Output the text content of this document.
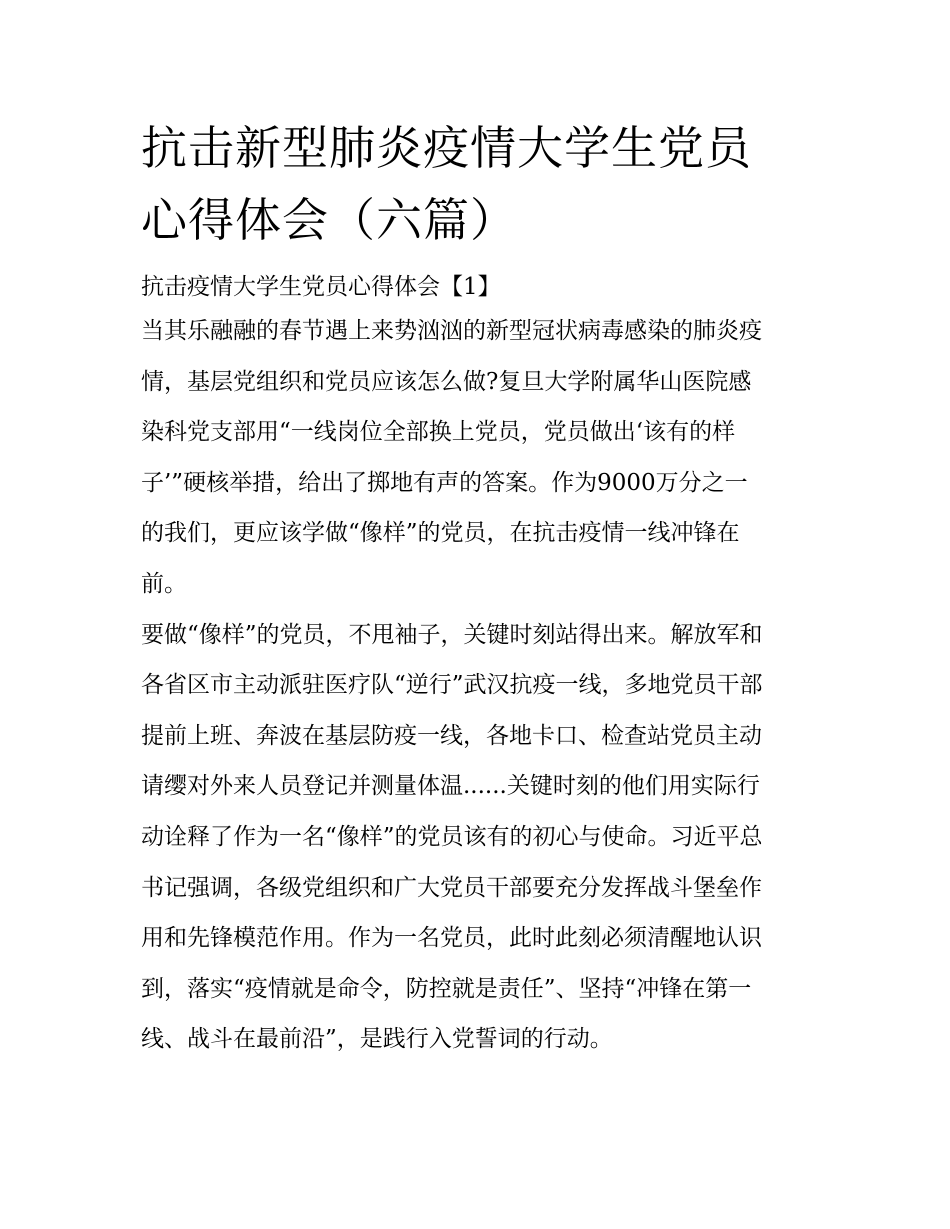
抗击新型肺炎疫情大学生党员
心得体会（六篇）
抗击疫情大学生党员心得体会【1】

当其乐融融的春节遇上来势汹汹的新型冠状病毒感染的肺炎疫
情，基层党组织和党员应该怎么做?复旦大学附属华山医院感
染科党支部用“一线岗位全部换上党员，党员做出‘该有的样
子’”硬核举措，给出了掷地有声的答案。作为9000万分之一
的我们，更应该学做“像样”的党员，在抗击疫情一线冲锋在
前。

要做“像样”的党员，不甩袖子，关键时刻站得出来。解放军和
各省区市主动派驻医疗队“逆行”武汉抗疫一线，多地党员干部
提前上班、奔波在基层防疫一线，各地卡口、检查站党员主动
请缨对外来人员登记并测量体温......关键时刻的他们用实际行
动诠释了作为一名“像样”的党员该有的初心与使命。习近平总
书记强调，各级党组织和广大党员干部要充分发挥战斗堡垒作
用和先锋模范作用。作为一名党员，此时此刻必须清醒地认识
到，落实“疫情就是命令，防控就是责任”、坚持“冲锋在第一
线、战斗在最前沿”，是践行入党誓词的行动。
